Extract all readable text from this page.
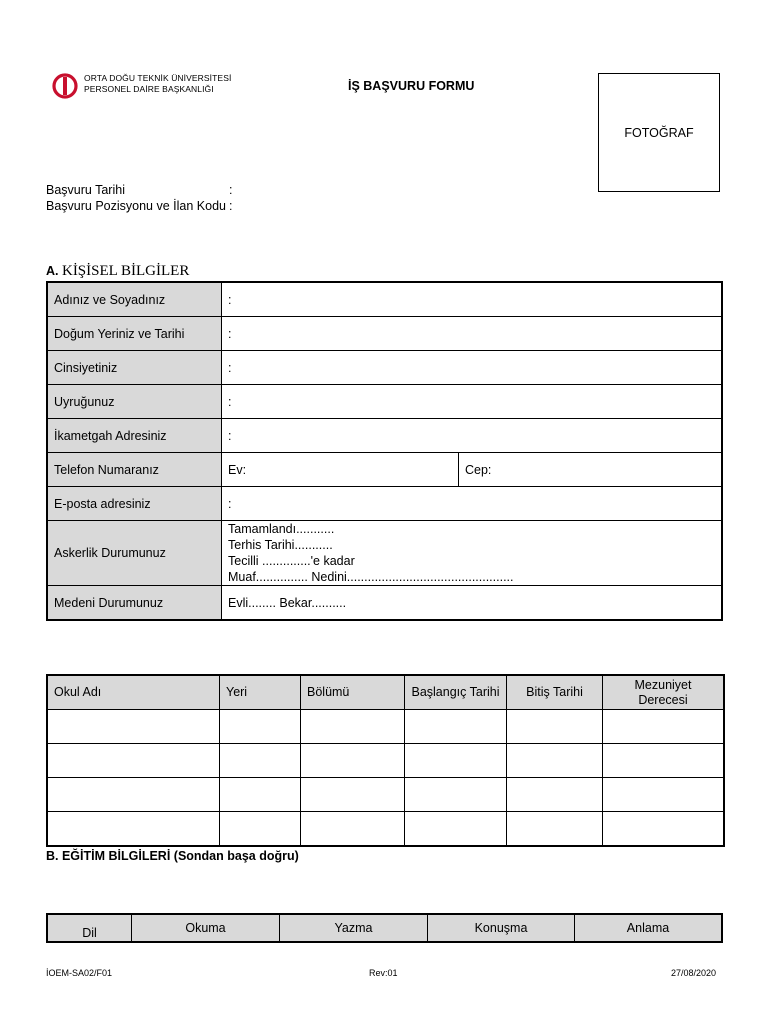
ORTA DOĞU TEKNİK ÜNİVERSİTESİ
PERSONEL DAİRE BAŞKANLIĞI	İŞ BAŞVURU FORMU
FOTOĞRAF
Başvuru Tarihi	:
Başvuru Pozisyonu ve İlan Kodu :
A. KİŞİSEL BİLGİLER
Adınız ve Soyadınız	:	
Doğum Yeriniz ve Tarihi	:	
Cinsiyetiniz	:	
Uyruğunuz	:	
İkametgah Adresiniz	:	
Telefon Numaranız	Ev:	Cep:
E-posta adresiniz	:	
Askerlik Durumunuz	Tamamlandı...........
Terhis Tarihi...........
Tecilli ..............'e kadar
Muaf............... Nedini................................................	

Medeni Durumunuz	Evli........ Bekar..........	
Okul Adı	Yeri	Bölümü	Başlangıç Tarihi	Bitiş Tarihi	Mezuniyet Derecesi

B. EĞİTİM BİLGİLERİ (Sondan başa doğru)
Dil	Okuma	Yazma	Konuşma	Anlama
İOEM-SA02/F01	Rev:01	27/08/2020
